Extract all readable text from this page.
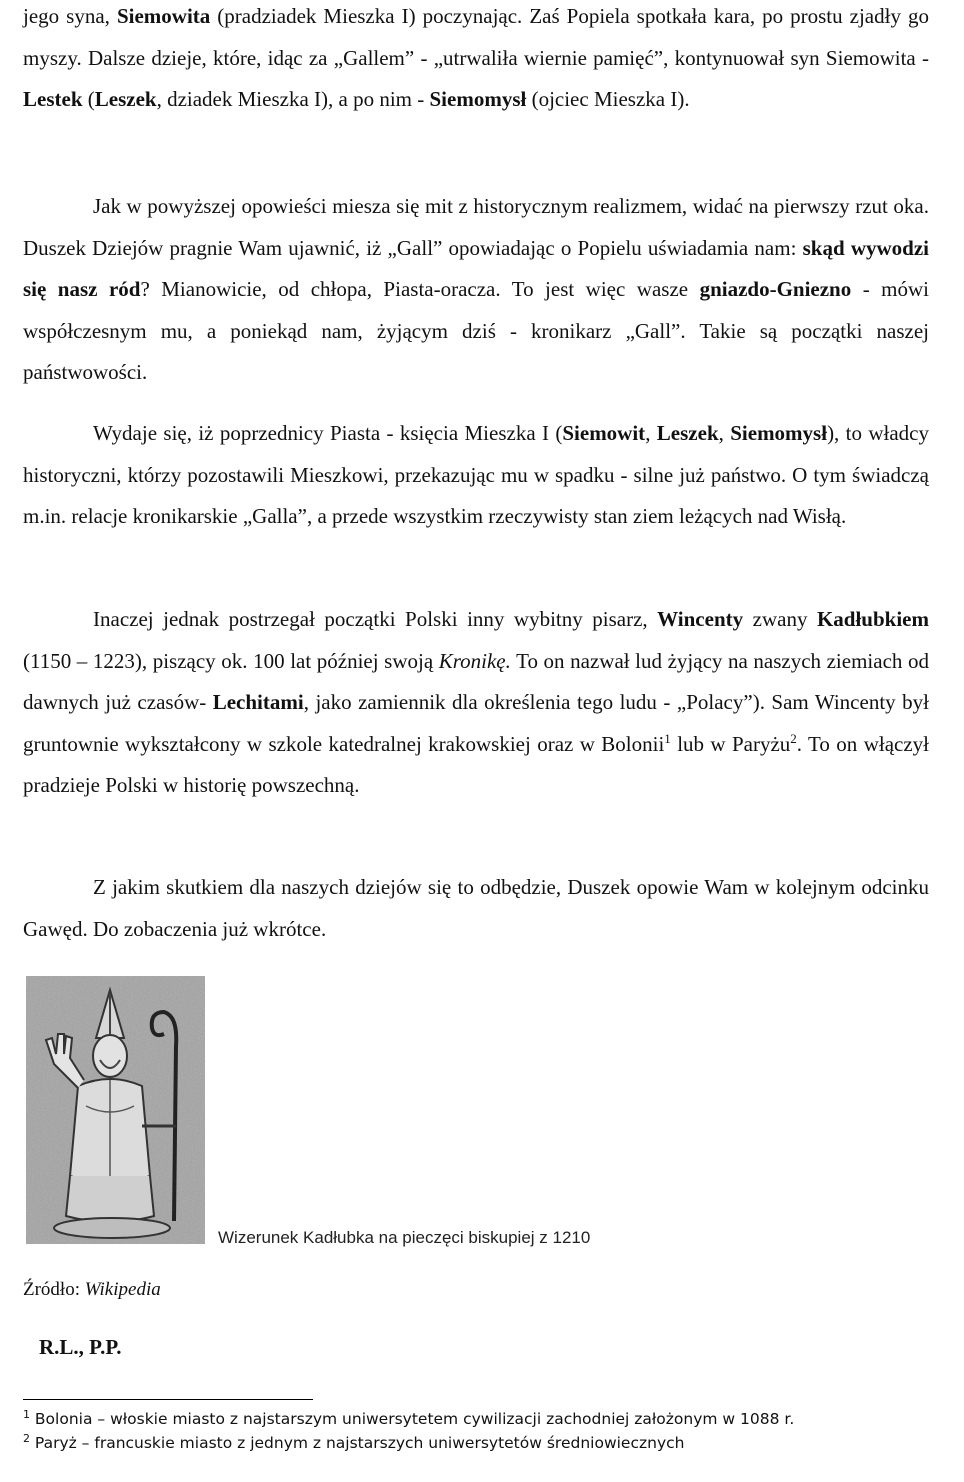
jego syna, Siemowita (pradziadek Mieszka I) poczynając. Zaś Popiela spotkała kara, po prostu zjadły go myszy. Dalsze dzieje, które, idąc za „Gallem” - „utrwaliła wiernie pamięć”, kontynuował syn Siemowita - Lestek (Leszek, dziadek Mieszka I), a po nim - Siemomysł (ojciec Mieszka I).

Jak w powyższej opowieści miesza się mit z historycznym realizmem, widać na pierwszy rzut oka. Duszek Dziejów pragnie Wam ujawnić, iż „Gall” opowiadając o Popielu uświadamia nam: skąd wywodzi się nasz ród? Mianowicie, od chłopa, Piasta-oracza. To jest więc wasze gniazdo-Gniezno - mówi współczesnym mu, a poniekąd nam, żyjącym dziś - kronikarz „Gall”. Takie są początki naszej państwowości.

Wydaje się, iż poprzednicy Piasta - księcia Mieszka I (Siemowit, Leszek, Siemomysł), to władcy historyczni, którzy pozostawili Mieszkowi, przekazując mu w spadku - silne już państwo. O tym świadczą m.in. relacje kronikarskie „Galla”, a przede wszystkim rzeczywisty stan ziem leżących nad Wisłą.

Inaczej jednak postrzegał początki Polski inny wybitny pisarz, Wincenty zwany Kadłubkiem (1150 – 1223), piszący ok. 100 lat później swoją Kronikę. To on nazwał lud żyjący na naszych ziemiach od dawnych już czasów- Lechitami, jako zamiennik dla określenia tego ludu - „Polacy”). Sam Wincenty był gruntownie wykształcony w szkole katedralnej krakowskiej oraz w Bolonii$^1$ lub w Paryżu$^2$. To on włączył pradzieje Polski w historię powszechną.

Z jakim skutkiem dla naszych dziejów się to odbędzie, Duszek opowie Wam w kolejnym odcinku Gawęd. Do zobaczenia już wkrótce.

Wizerunek Kadłubka na pieczęci biskupiej z 1210
Źródło: Wikipedia
R.L., P.P.
$^1$ Bolonia – włoskie miasto z najstarszym uniwersytetem cywilizacji zachodniej założonym w 1088 r.
$^2$ Paryż – francuskie miasto z jednym z najstarszych uniwersytetów średniowiecznych
